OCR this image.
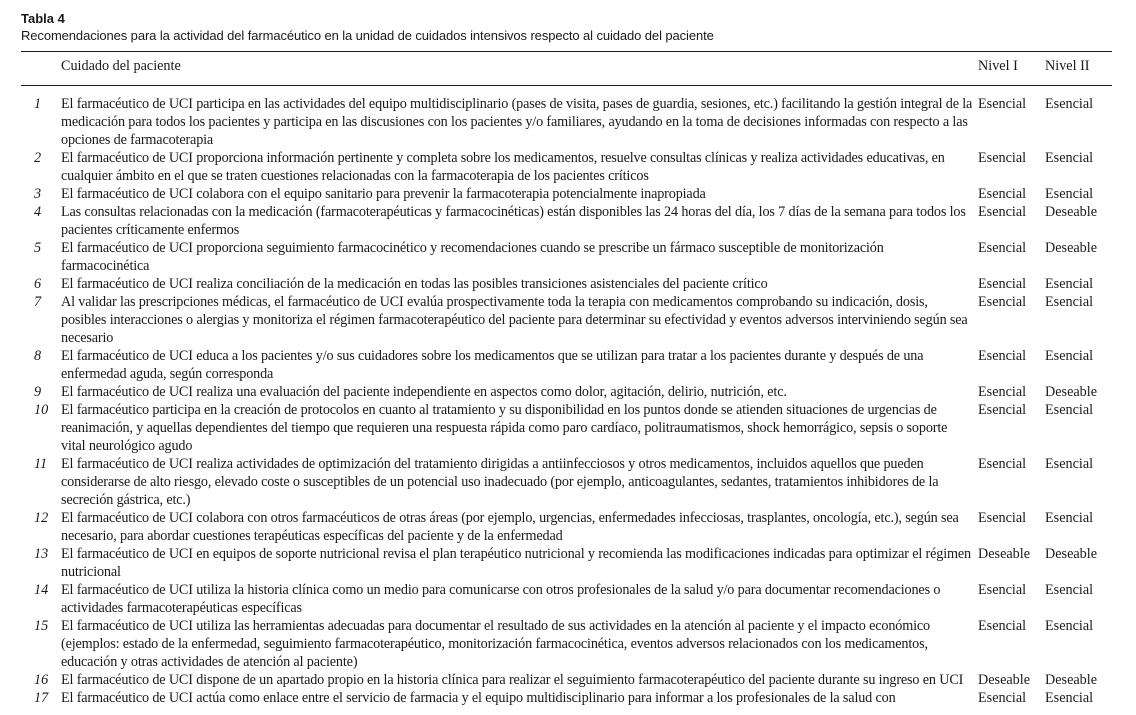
Tabla 4

Recomendaciones para la actividad del farmacéutico en la unidad de cuidados intensivos respecto al cuidado del paciente

	Cuidado del paciente	Nivel I	Nivel II
1	El farmacéutico de UCI participa en las actividades del equipo multidisciplinario (pases de visita, pases de guardia, sesiones, etc.) facilitando la gestión integral de la medicación para todos los pacientes y participa en las discusiones con los pacientes y/o familiares, ayudando en la toma de decisiones informadas con respecto a las opciones de farmacoterapia	Esencial	Esencial
2	El farmacéutico de UCI proporciona información pertinente y completa sobre los medicamentos, resuelve consultas clínicas y realiza actividades educativas, en cualquier ámbito en el que se traten cuestiones relacionadas con la farmacoterapia de los pacientes críticos	Esencial	Esencial
3	El farmacéutico de UCI colabora con el equipo sanitario para prevenir la farmacoterapia potencialmente inapropiada	Esencial	Esencial
4	Las consultas relacionadas con la medicación (farmacoterapéuticas y farmacocinéticas) están disponibles las 24 horas del día, los 7 días de la semana para todos los pacientes críticamente enfermos	Esencial	Deseable
5	El farmacéutico de UCI proporciona seguimiento farmacocinético y recomendaciones cuando se prescribe un fármaco susceptible de monitorización farmacocinética	Esencial	Deseable
6	El farmacéutico de UCI realiza conciliación de la medicación en todas las posibles transiciones asistenciales del paciente crítico	Esencial	Esencial
7	Al validar las prescripciones médicas, el farmacéutico de UCI evalúa prospectivamente toda la terapia con medicamentos comprobando su indicación, dosis, posibles interacciones o alergias y monitoriza el régimen farmacoterapéutico del paciente para determinar su efectividad y eventos adversos interviniendo según sea necesario	Esencial	Esencial
8	El farmacéutico de UCI educa a los pacientes y/o sus cuidadores sobre los medicamentos que se utilizan para tratar a los pacientes durante y después de una enfermedad aguda, según corresponda	Esencial	Esencial
9	El farmacéutico de UCI realiza una evaluación del paciente independiente en aspectos como dolor, agitación, delirio, nutrición, etc.	Esencial	Deseable
10	El farmacéutico participa en la creación de protocolos en cuanto al tratamiento y su disponibilidad en los puntos donde se atienden situaciones de urgencias de reanimación, y aquellas dependientes del tiempo que requieren una respuesta rápida como paro cardíaco, politraumatismos, shock hemorrágico, sepsis o soporte vital neurológico agudo	Esencial	Esencial
11	El farmacéutico de UCI realiza actividades de optimización del tratamiento dirigidas a antiinfecciosos y otros medicamentos, incluidos aquellos que pueden considerarse de alto riesgo, elevado coste o susceptibles de un potencial uso inadecuado (por ejemplo, anticoagulantes, sedantes, tratamientos inhibidores de la secreción gástrica, etc.)	Esencial	Esencial
12	El farmacéutico de UCI colabora con otros farmacéuticos de otras áreas (por ejemplo, urgencias, enfermedades infecciosas, trasplantes, oncología, etc.), según sea necesario, para abordar cuestiones terapéuticas específicas del paciente y de la enfermedad	Esencial	Esencial
13	El farmacéutico de UCI en equipos de soporte nutricional revisa el plan terapéutico nutricional y recomienda las modificaciones indicadas para optimizar el régimen nutricional	Deseable	Deseable
14	El farmacéutico de UCI utiliza la historia clínica como un medio para comunicarse con otros profesionales de la salud y/o para documentar recomendaciones o actividades farmacoterapéuticas específicas	Esencial	Esencial
15	El farmacéutico de UCI utiliza las herramientas adecuadas para documentar el resultado de sus actividades en la atención al paciente y el impacto económico (ejemplos: estado de la enfermedad, seguimiento farmacoterapéutico, monitorización farmacocinética, eventos adversos relacionados con los medicamentos, educación y otras actividades de atención al paciente)	Esencial	Esencial
16	El farmacéutico de UCI dispone de un apartado propio en la historia clínica para realizar el seguimiento farmacoterapéutico del paciente durante su ingreso en UCI	Deseable	Deseable
17	El farmacéutico de UCI actúa como enlace entre el servicio de farmacia y el equipo multidisciplinario para informar a los profesionales de la salud con	Esencial	Esencial
